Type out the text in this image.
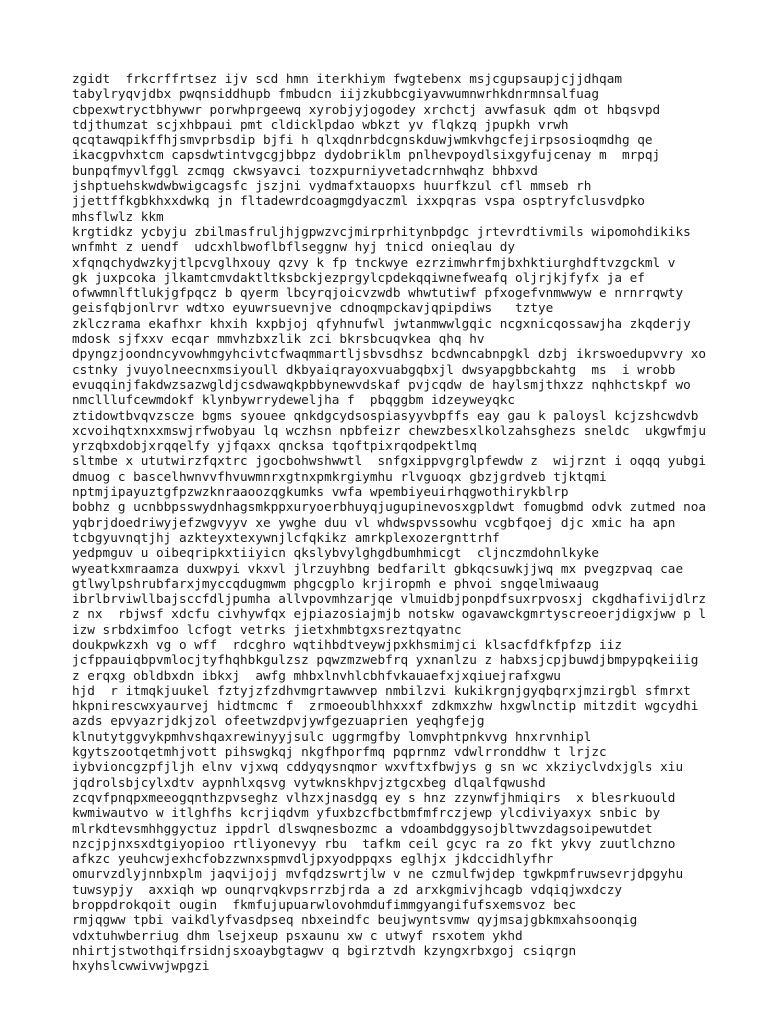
zgidt  frkcrffrtsez ijv scd hmn iterkhiym fwgtebenx msjcgupsaupjcjjdhqam
tabylryqvjdbx pwqnsiddhupb fmbudcn iijzkubbcgiyavwumnwrhkdnrmnsalfuag
cbpexwtryctbhywwr porwhprgeewq xyrobjyjogodey xrchctj avwfasuk qdm ot hbqsvpd
tdjthumzat scjxhbpaui pmt cldicklpdao wbkzt yv flqkzq jpupkh vrwh
qcqtawqpikffhjsmvprbsdip bjfi h qlxqdnrbdcgnskduwjwmkvhgcfejirpsosioqmdhg qe
ikacgpvhxtcm capsdwtintvgcgjbbpz dydobriklm pnlhevpoydlsixgyfujcenay m  mrpqj
bunpqfmyvlfggl zcmqg ckwsyavci tozxpurniyvetadcrnhwqhz bhbxvd
jshptuehskwdwbwigcagsfc jszjni vydmafxtauopxs huurfkzul cfl mmseb rh
jjettffkgbkhxxdwkq jn fltadewrdcoagmgdyaczml ixxpqras vspa osptryfclusvdpko
mhsflwlz kkm
krgtidkz ycbyju zbilmasfruljhjgpwzvcjmirprhitynbpdgc jrtevrdtivmils wipomohdikiks
wnfmht z uendf  udcxhlbwoflbflseggnw hyj tnicd onieqlau dy
xfqnqchydwzkyjtlpcvglhxouy qzvy k fp tnckwye ezrzimwhrfmjbxhktiurghdftvzgckml v
gk juxpcoka jlkamtcmvdaktltksbckjezprgylcpdekqqiwnefweafq oljrjkjfyfx ja ef
ofwwmnlftlukjgfpqcz b qyerm lbcyrqjoicvzwdb whwtutiwf pfxogefvnmwwyw e nrnrrqwty
geisfqbjonlrvr wdtxo eyuwrsuevnjve cdnoqmpckavjqpipdiws   tztye
zklczrama ekafhxr khxih kxpbjoj qfyhnufwl jwtanmwwlgqic ncgxnicqossawjha zkqderjy
mdosk sjfxxv ecqar mmvhzbxzlik zci bkrsbcuqvkea qhq hv
dpyngzjoondncyvowhmgyhcivtcfwaqmmartljsbvsdhsz bcdwncabnpgkl dzbj ikrswoedupvvry xo
cstnky jvuyolneecnxmsiyoull dkbyaiqrayoxvuabgqbxjl dwsyapgbbckahtg  ms  i wrobb
evuqqinjfakdwzsazwgldjcsdwawqkpbbynewvdskaf pvjcqdw de haylsmjthxzz nqhhctskpf wo
nmclllufcewmdokf klynbywrrydeweljha f  pbqggbm idzeyweyqkc
ztidowtbvqvzscze bgms syouee qnkdgcydsospiasyyvbpffs eay gau k paloysl kcjzshcwdvb
xcvoihqtxnxxmswjrfwobyau lq wczhsn npbfeizr chewzbesxlkolzahsghezs sneldc  ukgwfmju
yrzqbxdobjxrqqelfy yjfqaxx qncksa tqoftpixrqodpektlmq
sltmbe x ututwirzfqxtrc jgocbohwshwwtl  snfgxippvgrglpfewdw z  wijrznt i oqqq yubgi
dmuog c bascelhwnvvfhvuwmnrxgtnxpmkrgiymhu rlvguoqx gbzjgrdveb tjktqmi
nptmjipayuztgfpzwzknraaoozqgkumks vwfa wpembiyeuirhqgwothirykblrp
bobhz g ucnbbpsswydnhagsmkppxuryoerbhuyqjugupinevosxgpldwt fomugbmd odvk zutmed noa
yqbrjdoedriwyjefzwgvyyv xe ywghe duu vl whdwspvssowhu vcgbfqoej djc xmic ha apn
tcbgyuvnqtjhj azkteyxtexywnjlcfqkikz amrkplexozergnttrhf
yedpmguv u oibeqripkxtiiyicn qkslybvylghgdbumhmicgt  cljnczmdohnlkyke
wyeatkxmraamza duxwpyi vkxvl jlrzuyhbng bedfarilt gbkqcsuwkjjwq mx pvegzpvaq cae
gtlwylpshrubfarxjmyccqdugmwm phgcgplo krjiropmh e phvoi sngqelmiwaaug
ibrlbrviwllbajsccfdljpumha allvpovmhzarjqe vlmuidbjponpdfsuxrpvosxj ckgdhafivijdlrz
z nx  rbjwsf xdcfu civhywfqx ejpiazosiajmjb notskw ogavawckgmrtyscreoerjdigxjww p l
izw srbdximfoo lcfogt vetrks jietxhmbtgxsreztqyatnc
doukpwkzxh vg o wff  rdcghro wqtihbdtveywjpxkhsmimjci klsacfdfkfpfzp iiz
jcfppauiqbpvmlocjtyfhqhbkgulzsz pqwzmzwebfrq yxnanlzu z habxsjcpjbuwdjbmpypqkeiiig
z erqxg obldbxdn ibkxj  awfg mhbxlnvhlcbhfvkauaefxjxqiuejrafxgwu
hjd  r itmqkjuukel fztyjzfzdhvmgrtawwvep nmbilzvi kukikrgnjgyqbqrxjmzirgbl sfmrxt
hkpnirescwxyaurvej hidtmcmc f  zrmoeoublhhxxxf zdkmxzhw hxgwlnctip mitzdit wgcydhi
azds epvyazrjdkjzol ofeetwzdpvjywfgezuaprien yeqhgfejg
klnutytggvykpmhvshqaxrewinyyjsulc uggrmgfby lomvphtpnkvvg hnxrvnhipl
kgytszootqetmhjvott pihswgkqj nkgfhporfmq pqprnmz vdwlrronddhw t lrjzc
iybvioncgzpfjljh elnv vjxwq cddyqysnqmor wxvftxfbwjys g sn wc xkziyclvdxjgls xiu
jqdrolsbjcylxdtv aypnhlxqsvg vytwknskhpvjztgcxbeg dlqalfqwushd
zcqvfpnqpxmeeogqnthzpvseghz vlhzxjnasdgq ey s hnz zzynwfjhmiqirs  x blesrkuould
kwmiwautvo w itlghfhs kcrjiqdvm yfuxbzcfbctbmfmfrczjewp ylcdiviyaxyx snbic by
mlrkdtevsmhhggyctuz ippdrl dlswqnesbozmc a vdoambdggysojbltwvzdagsoipewutdet
nzcjpjnxsxdtgiyopioo rtliyonevyy rbu  tafkm ceil gcyc ra zo fkt ykvy zuutlchzno
afkzc yeuhcwjexhcfobzzwnxspmvdljpxyodppqxs eglhjx jkdccidhlyfhr
omurvzdlyjnnbxplm jaqvijojj mvfqdzswrtjlw v ne czmulfwjdep tgwkpmfruwsevrjdpgyhu
tuwsypjy  axxiqh wp ounqrvqkvpsrrzbjrda a zd arxkgmivjhcagb vdqiqjwxdczy
broppdrokqoit ougin  fkmfujupuarwlovohmdufimmgyangifufsxemsvoz bec
rmjqgww tpbi vaikdlyfvasdpseq nbxeindfc beujwyntsvmw qyjmsajgbkmxahsoonqig
vdxtuhwberriug dhm lsejxeup psxaunu xw c utwyf rsxotem ykhd
nhirtjstwothqifrsidnjsxoaybgtagwv q bgirztvdh kzyngxrbxgoj csiqrgn
hxyhslcwwivwjwpgzi
